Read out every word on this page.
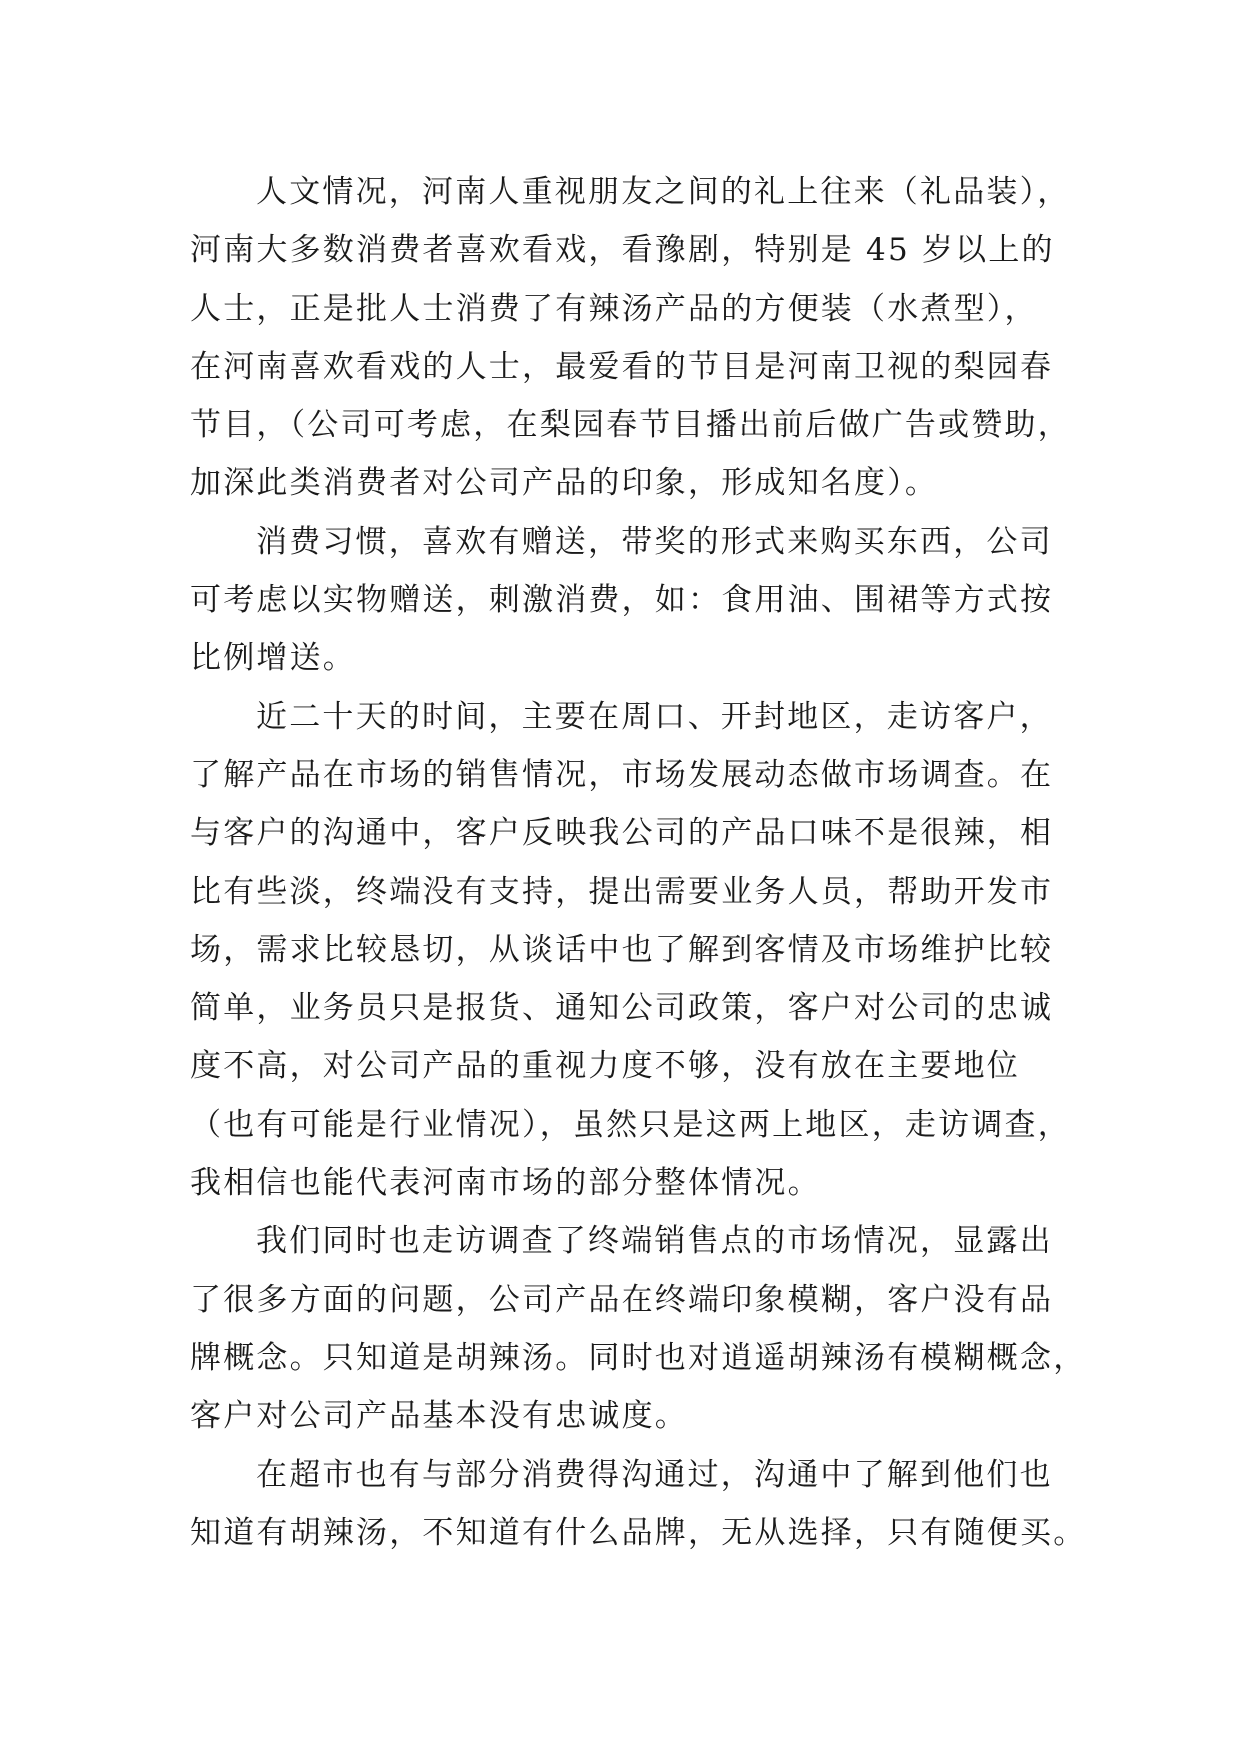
人文情况，河南人重视朋友之间的礼上往来（礼品装），
河南大多数消费者喜欢看戏，看豫剧，特别是 45 岁以上的
人士，正是批人士消费了有辣汤产品的方便装（水煮型），
在河南喜欢看戏的人士，最爱看的节目是河南卫视的梨园春
节目，（公司可考虑，在梨园春节目播出前后做广告或赞助，
加深此类消费者对公司产品的印象，形成知名度）。
消费习惯，喜欢有赠送，带奖的形式来购买东西，公司
可考虑以实物赠送，刺激消费，如：食用油、围裙等方式按
比例增送。
近二十天的时间，主要在周口、开封地区，走访客户，
了解产品在市场的销售情况，市场发展动态做市场调查。在
与客户的沟通中，客户反映我公司的产品口味不是很辣，相
比有些淡，终端没有支持，提出需要业务人员，帮助开发市
场，需求比较恳切，从谈话中也了解到客情及市场维护比较
简单，业务员只是报货、通知公司政策，客户对公司的忠诚
度不高，对公司产品的重视力度不够，没有放在主要地位
（也有可能是行业情况），虽然只是这两上地区，走访调查，
我相信也能代表河南市场的部分整体情况。
我们同时也走访调查了终端销售点的市场情况，显露出
了很多方面的问题，公司产品在终端印象模糊，客户没有品
牌概念。只知道是胡辣汤。同时也对逍遥胡辣汤有模糊概念，
客户对公司产品基本没有忠诚度。
在超市也有与部分消费得沟通过，沟通中了解到他们也
知道有胡辣汤，不知道有什么品牌，无从选择，只有随便买。
